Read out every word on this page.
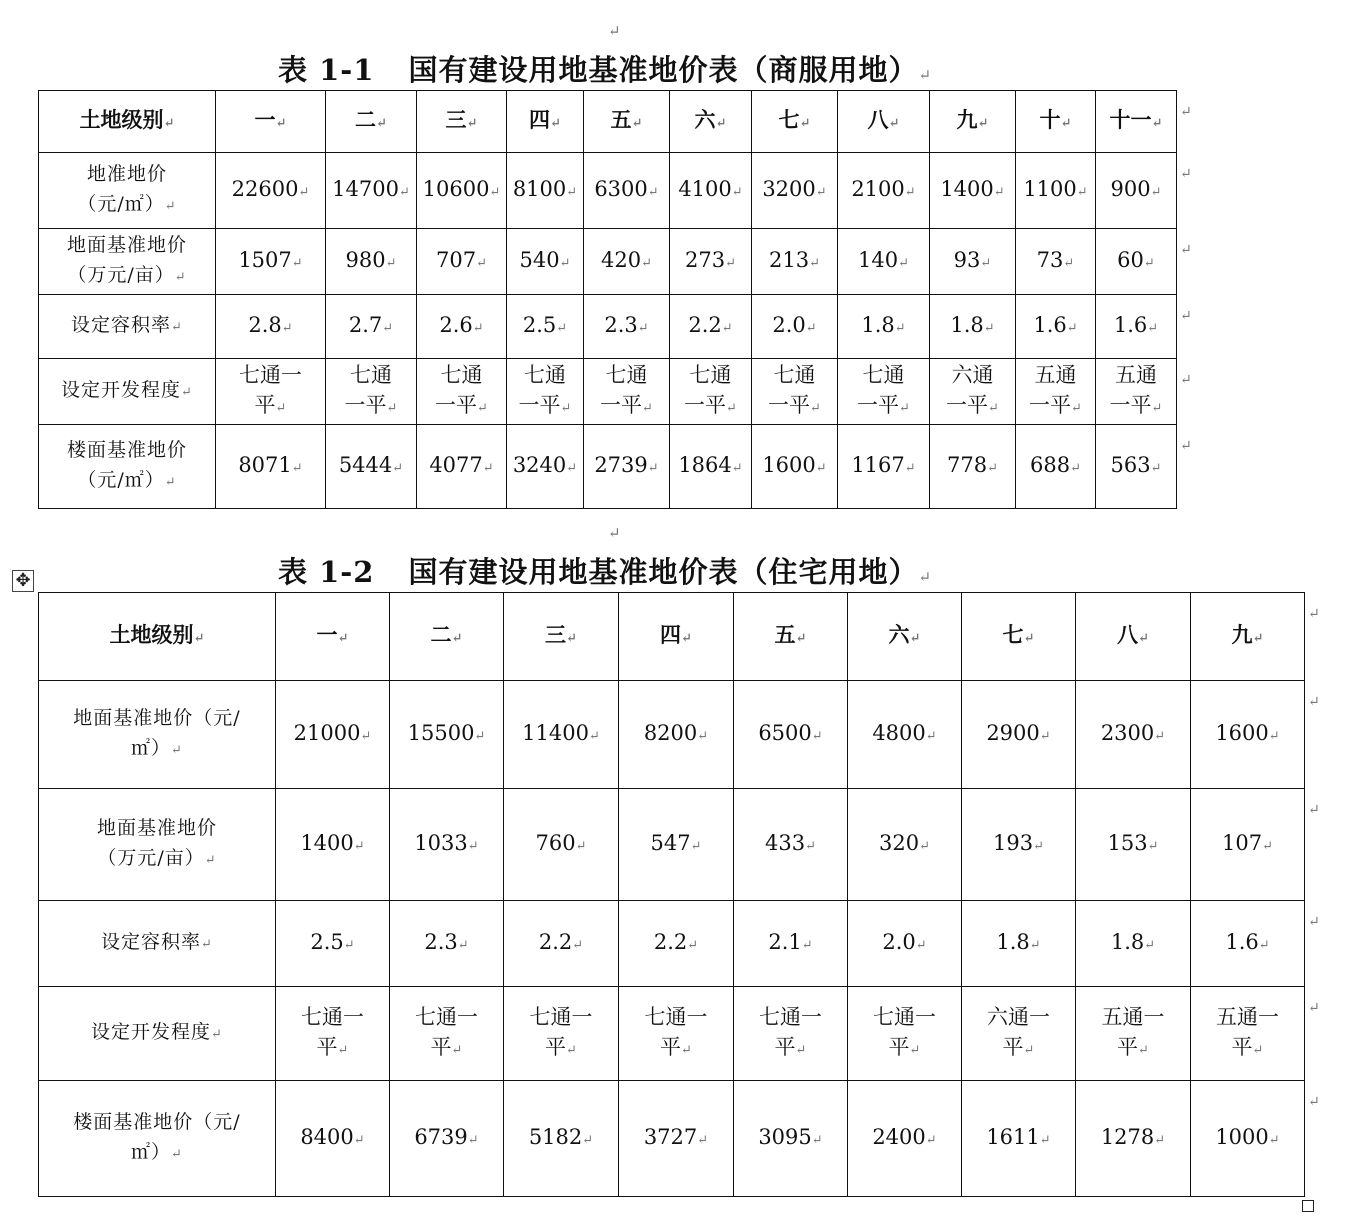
↵
表 1-1 国有建设用地基准地价表（商服用地）↵
土地级别↵	一↵	二↵	三↵	四↵	五↵	六↵	七↵	八↵	九↵	十↵	十一↵
地准地价
（元/㎡）↵	22600↵	14700↵	10600↵	8100↵	6300↵	4100↵	3200↵	2100↵	1400↵	1100↵	900↵
地面基准地价
（万元/亩）↵	1507↵	980↵	707↵	540↵	420↵	273↵	213↵	140↵	93↵	73↵	60↵
设定容积率↵	2.8↵	2.7↵	2.6↵	2.5↵	2.3↵	2.2↵	2.0↵	1.8↵	1.8↵	1.6↵	1.6↵
设定开发程度↵	七通一
平↵	七通
一平↵	七通
一平↵	七通
一平↵	七通
一平↵	七通
一平↵	七通
一平↵	七通
一平↵	六通
一平↵	五通
一平↵	五通
一平↵
楼面基准地价
（元/㎡）↵	8071↵	5444↵	4077↵	3240↵	2739↵	1864↵	1600↵	1167↵	778↵	688↵	563↵
↵
✥	表 1-2 国有建设用地基准地价表（住宅用地）↵
土地级别↵	一↵	二↵	三↵	四↵	五↵	六↵	七↵	八↵	九↵
地面基准地价（元/
㎡）↵	21000↵	15500↵	11400↵	8200↵	6500↵	4800↵	2900↵	2300↵	1600↵
地面基准地价
（万元/亩）↵	1400↵	1033↵	760↵	547↵	433↵	320↵	193↵	153↵	107↵
设定容积率↵	2.5↵	2.3↵	2.2↵	2.2↵	2.1↵	2.0↵	1.8↵	1.8↵	1.6↵
设定开发程度↵	七通一
平↵	七通一
平↵	七通一
平↵	七通一
平↵	七通一
平↵	七通一
平↵	六通一
平↵	五通一
平↵	五通一
平↵
楼面基准地价（元/
㎡）↵	8400↵	6739↵	5182↵	3727↵	3095↵	2400↵	1611↵	1278↵	1000↵
↵
↵
↵
↵
↵
↵
↵
↵
↵
↵
↵
↵
